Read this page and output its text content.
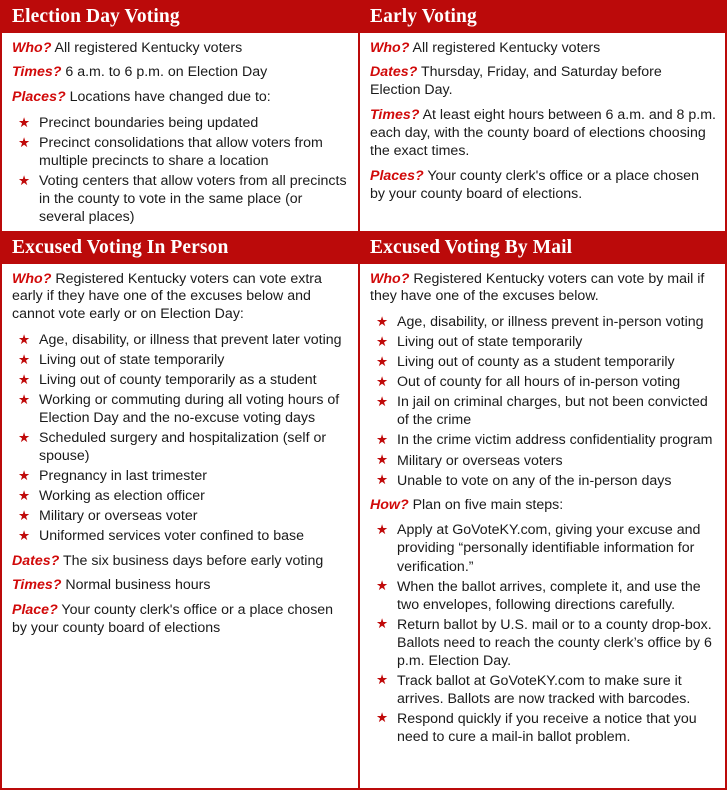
Election Day Voting

Who? All registered Kentucky voters

Times? 6 a.m. to 6 p.m. on Election Day

Places? Locations have changed due to:

★ Precinct boundaries being updated
★ Precinct consolidations that allow voters from multiple precincts to share a location
★ Voting centers that allow voters from all precincts in the county to vote in the same place (or several places)
Early Voting

Who? All registered Kentucky voters

Dates? Thursday, Friday, and Saturday before Election Day.

Times? At least eight hours between 6 a.m. and 8 p.m. each day, with the county board of elections choosing the exact times.

Places? Your county clerk's office or a place chosen by your county board of elections.

Excused Voting In Person

Who? Registered Kentucky voters can vote extra early if they have one of the excuses below and cannot vote early or on Election Day:

★ Age, disability, or illness that prevent later voting
★ Living out of state temporarily
★ Living out of county temporarily as a student
★ Working or commuting during all voting hours of Election Day and the no-excuse voting days
★ Scheduled surgery and hospitalization (self or spouse)
★ Pregnancy in last trimester
★ Working as election officer
★ Military or overseas voter
★ Uniformed services voter confined to base

Dates? The six business days before early voting

Times? Normal business hours

Place? Your county clerk's office or a place chosen by your county board of elections

Excused Voting By Mail

Who? Registered Kentucky voters can vote by mail if they have one of the excuses below.

★ Age, disability, or illness prevent in-person voting
★ Living out of state temporarily
★ Living out of county as a student temporarily
★ Out of county for all hours of in-person voting
★ In jail on criminal charges, but not been convicted of the crime
★ In the crime victim address confidentiality program
★ Military or overseas voters
★ Unable to vote on any of the in-person days

How? Plan on five main steps:

★ Apply at GoVoteKY.com, giving your excuse and providing “personally identifiable information for verification.”
★ When the ballot arrives, complete it, and use the two envelopes, following directions carefully.
★ Return ballot by U.S. mail or to a county drop-box. Ballots need to reach the county clerk’s office by 6 p.m. Election Day.
★ Track ballot at GoVoteKY.com to make sure it arrives. Ballots are now tracked with barcodes.
★ Respond quickly if you receive a notice that you need to cure a mail-in ballot problem.
